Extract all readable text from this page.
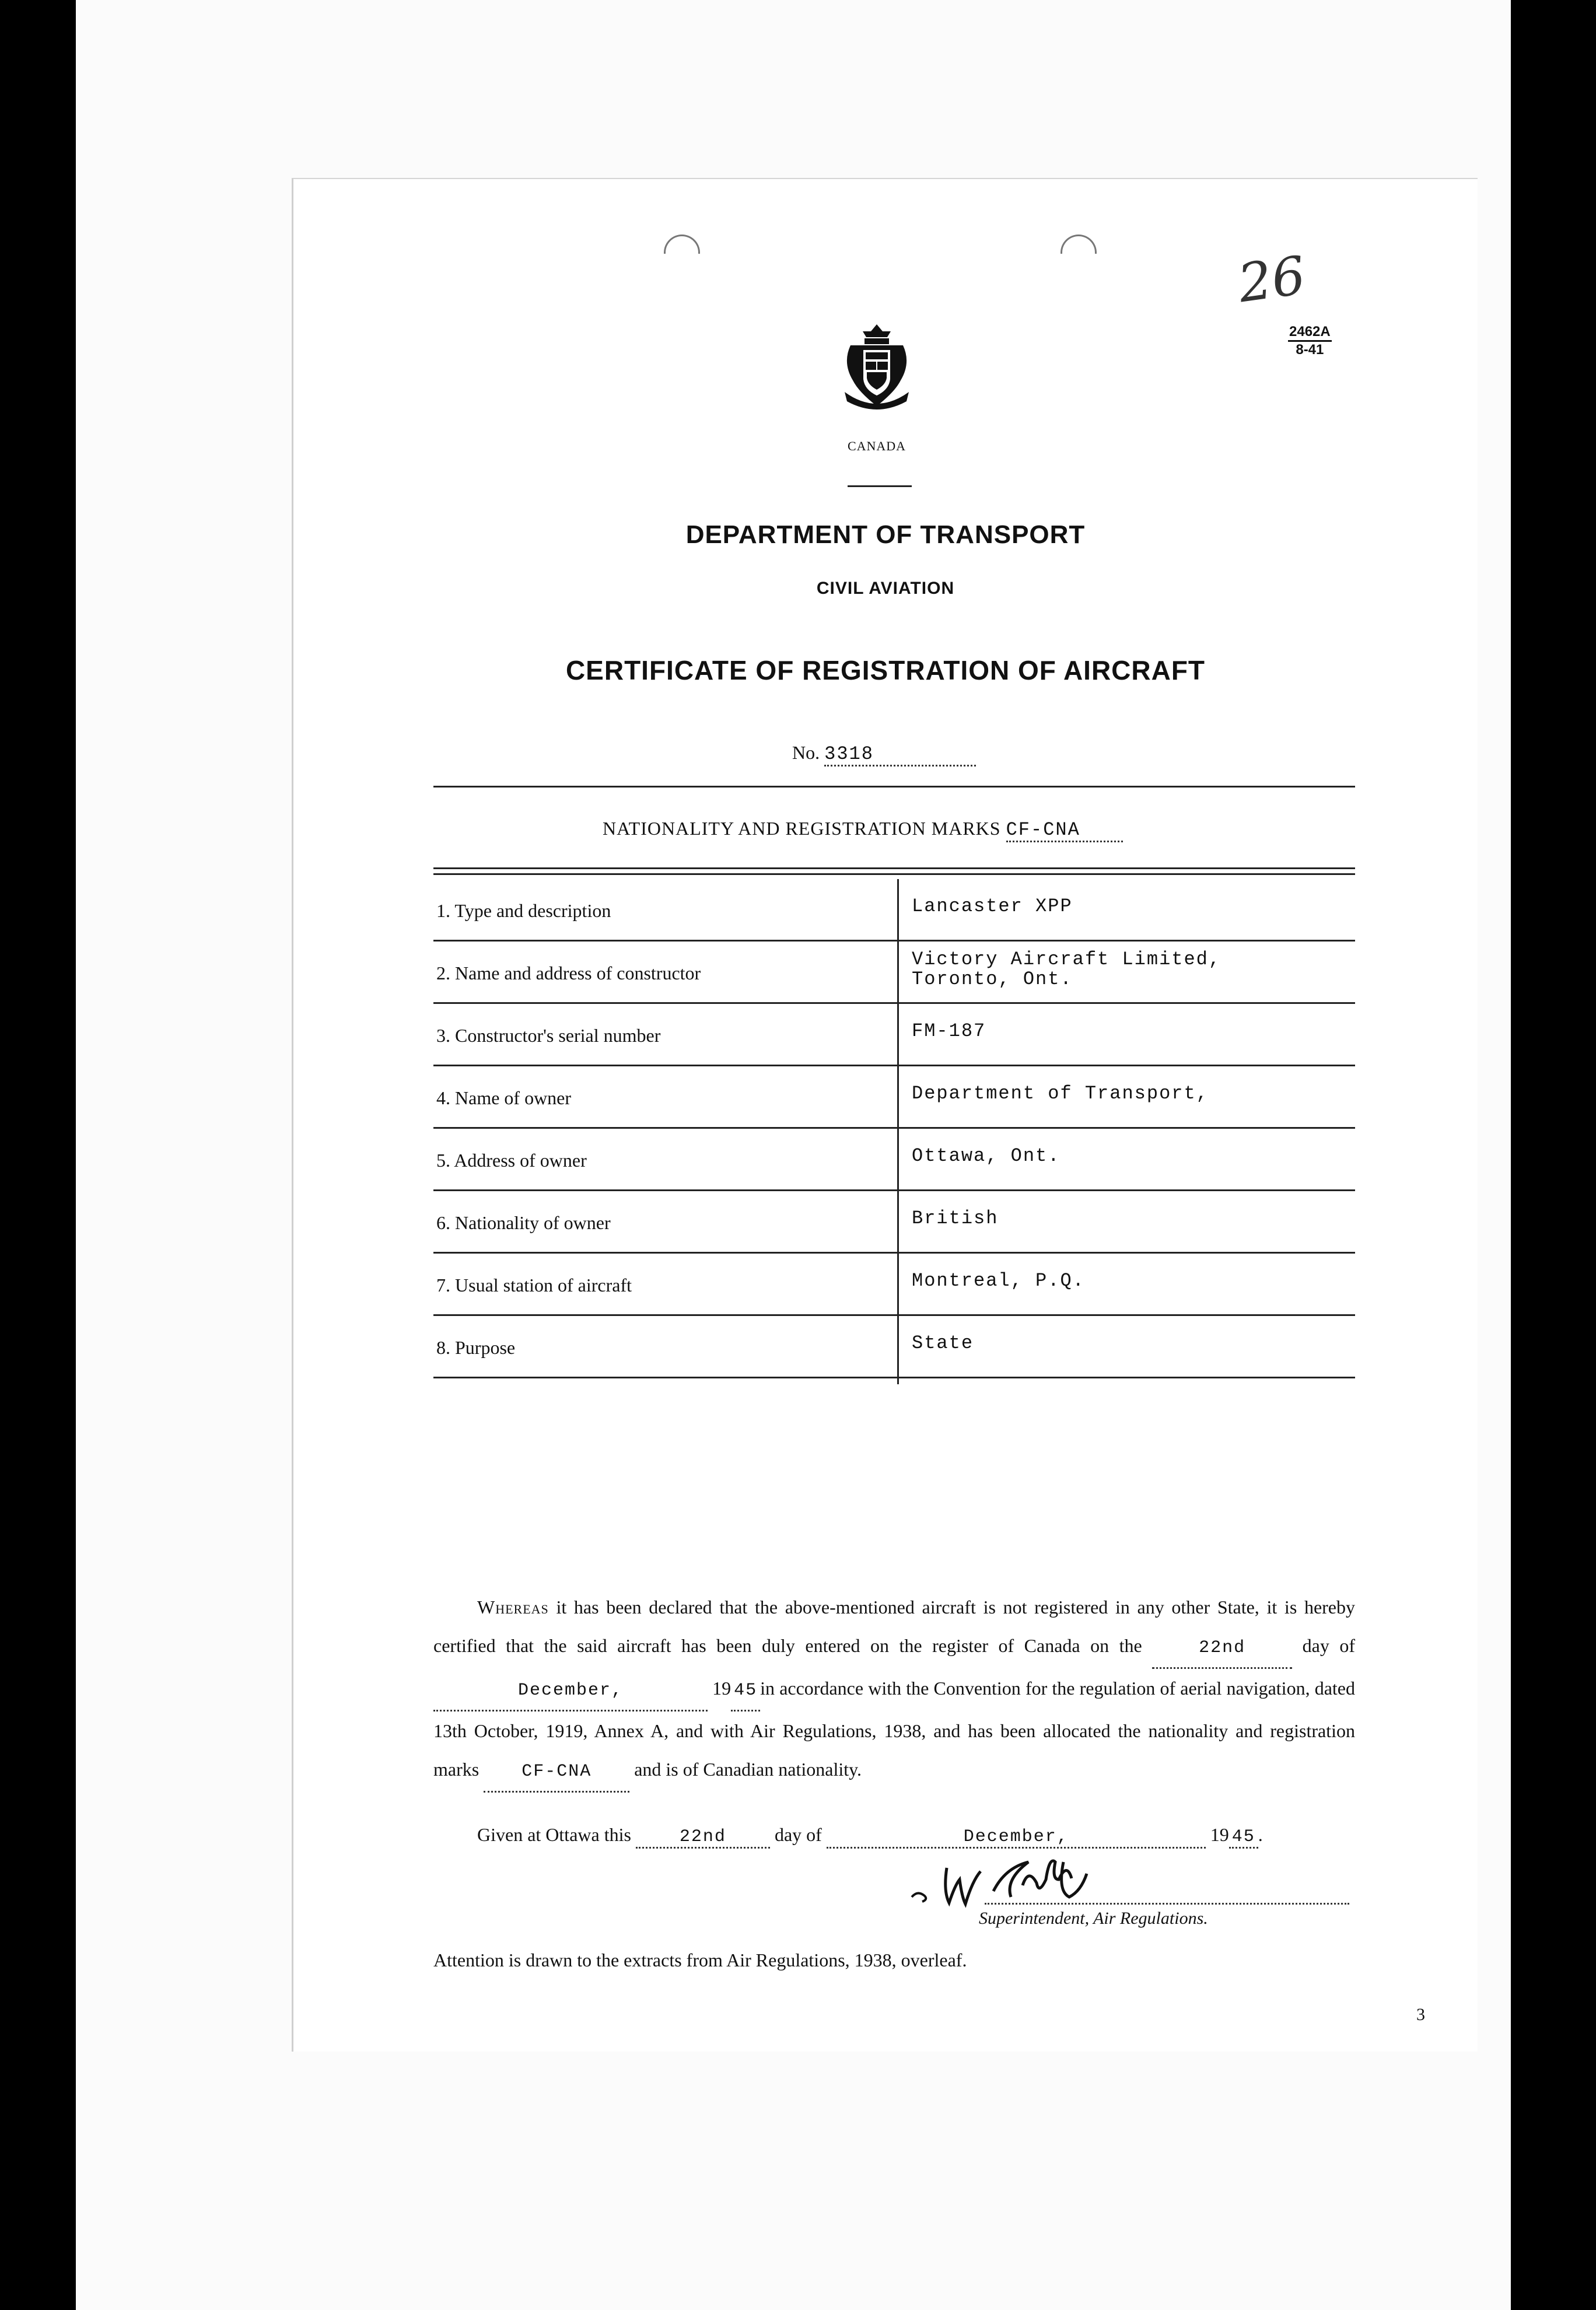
26
2462A
8-41
CANADA
DEPARTMENT OF TRANSPORT
CIVIL AVIATION
CERTIFICATE OF REGISTRATION OF AIRCRAFT
No. 3318
NATIONALITY AND REGISTRATION MARKS CF-CNA
1. Type and description	Lancaster XPP
2. Name and address of constructor
Victory Aircraft Limited,
Toronto, Ont.
3. Constructor's serial number	FM-187
4. Name of owner	Department of Transport,
5. Address of owner	Ottawa, Ont.
6. Nationality of owner	British
7. Usual station of aircraft	Montreal, P.Q.
8. Purpose	State
Whereas it has been declared that the above-mentioned aircraft is not registered in any other State, it is hereby certified that the said aircraft has been duly entered on the register of Canada on the	22nd	day of December,	19 45 in accordance with the Convention for the regulation of aerial navigation, dated 13th October, 1919, Annex A, and with Air Regulations, 1938, and has been allocated the nationality and registration marks CF-CNA and is of Canadian nationality.
Given at Ottawa this	22nd	day of	December,	19 45 .
Superintendent, Air Regulations.
Attention is drawn to the extracts from Air Regulations, 1938, overleaf.
3
